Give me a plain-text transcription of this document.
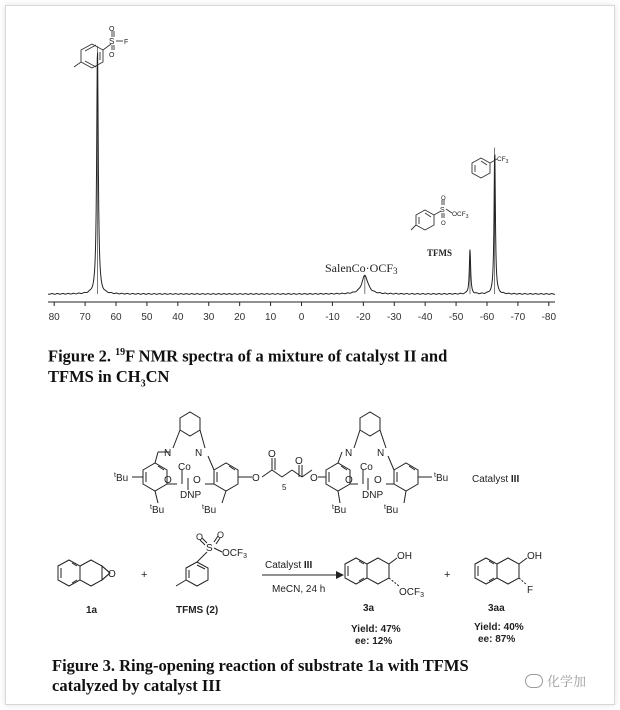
80 70 60 50 40 30 20 10 0 -10 -20 -30 -40 -50 -60 -70 -80
S
O
O
F
$CF_3$
S
O
O
$OCF_3$
TFMS
SalenCo·OCF3
N N
Co
O O
DNP
$^t$Bu
$^t$Bu	$^t$Bu
O
O
O
5
O
N N
Co
O O
DNP
$^t$Bu
$^t$Bu	$^t$Bu
Catalyst III
O +
S
O O
$OCF_3$
Catalyst III
MeCN, 24 h
OH
$OCF_3$
+
OH
F
1a	TFMS (2)	3a	3aa
Yield: 47%
ee: 12%
Yield: 40%
ee: 87%
Figure 2. $^{19}$F NMR spectra of a mixture of catalyst II and
TFMS in $CH_3CN$
Figure 3. Ring-opening reaction of substrate 1a with TFMS
catalyzed by catalyst III	化学加
